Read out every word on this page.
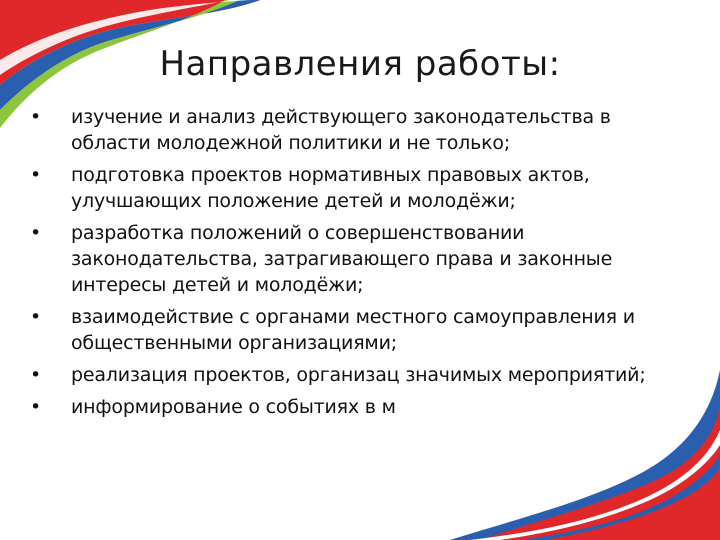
Направления работы:
•	изучение и анализ действующего законодательства в области молодежной политики и не только;
•	подготовка проектов нормативных правовых актов, улучшающих положение детей и молодёжи;
•	разработка положений о совершенствовании законодательства, затрагивающего права и законные интересы детей и молодёжи;
•	взаимодействие с органами местного самоуправления и общественными организациями;
•	реализация проектов, организац значимых мероприятий;
•	информирование о событиях в м
